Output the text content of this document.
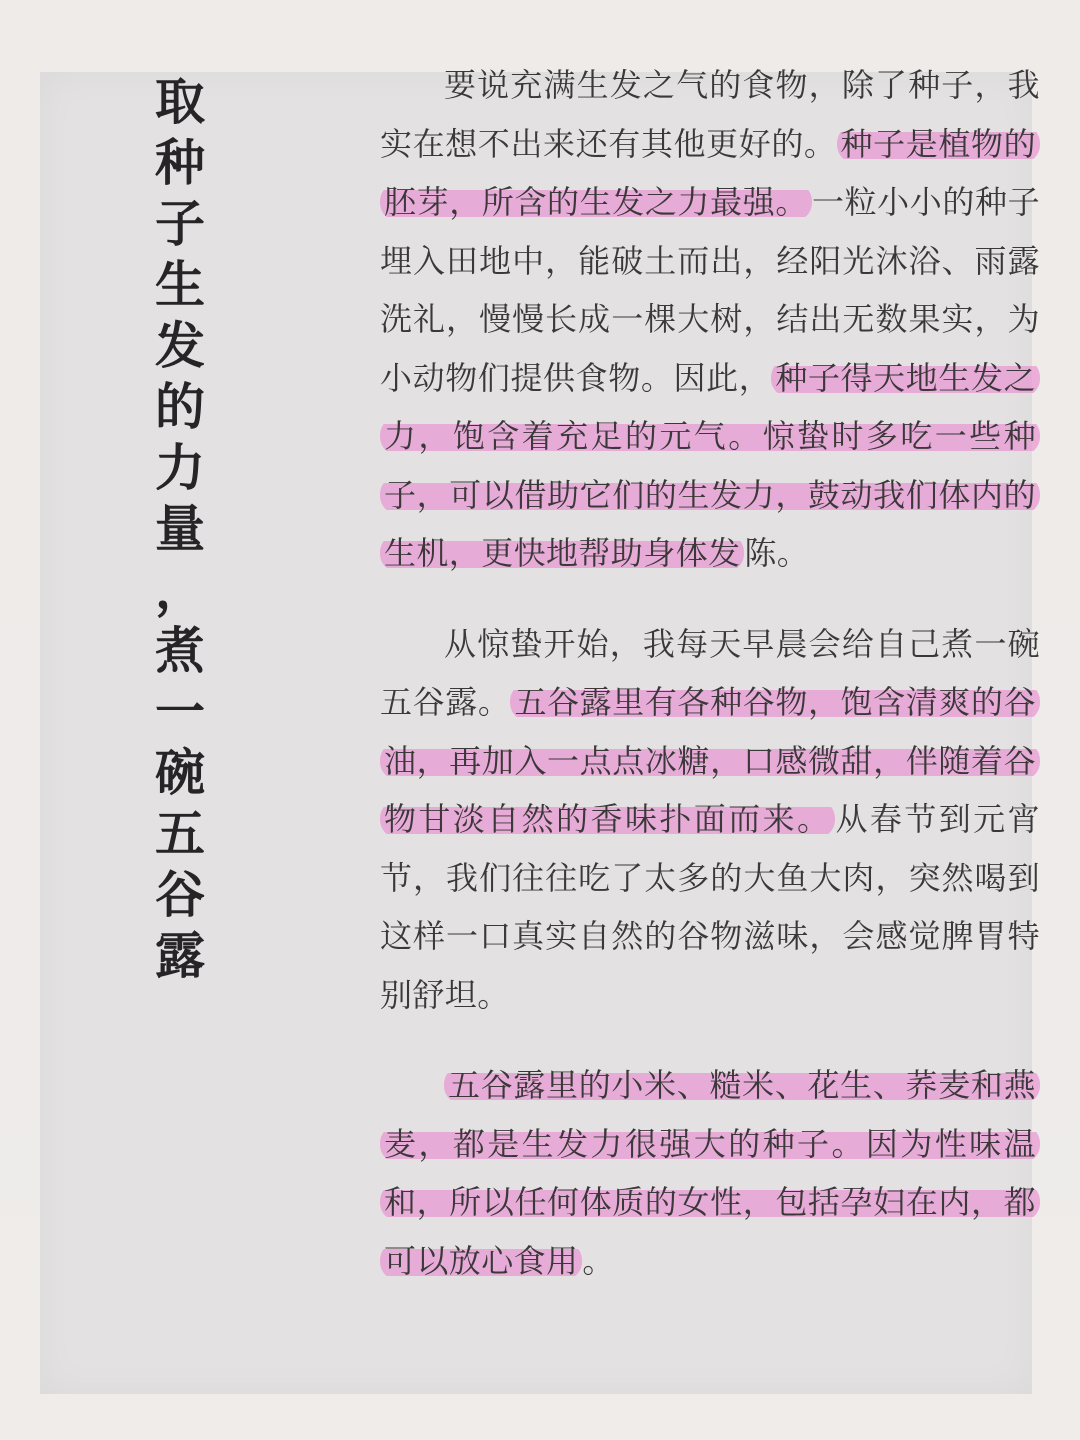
取
种
子
生
发
的
力
量
，
煮
一
碗
五
谷
露

要说充满生发之气的食物，除了种子，我实在想不出来还有其他更好的。 种子是植物的胚芽，所含的生发之力最强。 一粒小小的种子埋入田地中，能破土而出，经阳光沐浴、雨露洗礼，慢慢长成一棵大树，结出无数果实，为小动物们提供食物。因此， 种子得天地生发之力，饱含着充足的元气。惊蛰时多吃一些种子，可以借助它们的生发力，鼓动我们体内的生机，更快地帮助身体发 陈。

从惊蛰开始，我每天早晨会给自己煮一碗五谷露。 五谷露里有各种谷物，饱含清爽的谷油，再加入一点点冰糖，口感微甜，伴随着谷物甘淡自然的香味扑面而来。 从春节到元宵节，我们往往吃了太多的大鱼大肉，突然喝到这样一口真实自然的谷物滋味，会感觉脾胃特别舒坦。

五谷露里的小米、糙米、花生、荞麦和燕麦，都是生发力很强大的种子。因为性味温和，所以任何体质的女性，包括孕妇在内，都可以放心食用 。
